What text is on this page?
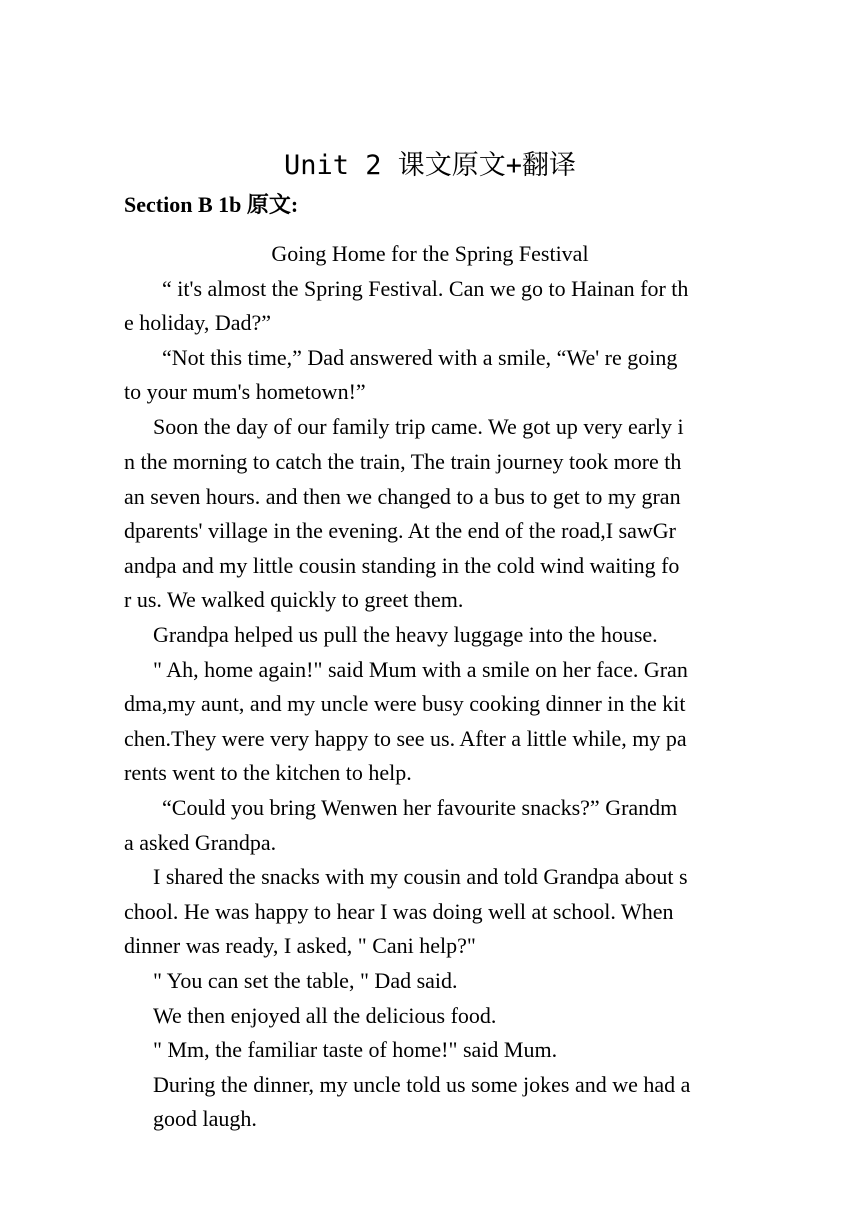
Unit 2 课文原文+翻译
Section B 1b 原文:
Going Home for the Spring Festival
“ it's almost the Spring Festival. Can we go to Hainan for th
e holiday, Dad?”
“Not this time,” Dad answered with a smile, “We' re going
to your mum's hometown!”
Soon the day of our family trip came. We got up very early i
n the morning to catch the train, The train journey took more th
an seven hours. and then we changed to a bus to get to my gran
dparents' village in the evening. At the end of the road,I sawGr
andpa and my little cousin standing in the cold wind waiting fo
r us. We walked quickly to greet them.
Grandpa helped us pull the heavy luggage into the house.
" Ah, home again!" said Mum with a smile on her face. Gran
dma,my aunt, and my uncle were busy cooking dinner in the kit
chen.They were very happy to see us. After a little while, my pa
rents went to the kitchen to help.
“Could you bring Wenwen her favourite snacks?” Grandm
a asked Grandpa.
I shared the snacks with my cousin and told Grandpa about s
chool. He was happy to hear I was doing well at school. When
dinner was ready, I asked, " Cani help?"
" You can set the table, " Dad said.
We then enjoyed all the delicious food.
" Mm, the familiar taste of home!" said Mum.
During the dinner, my uncle told us some jokes and we had a
good laugh.
